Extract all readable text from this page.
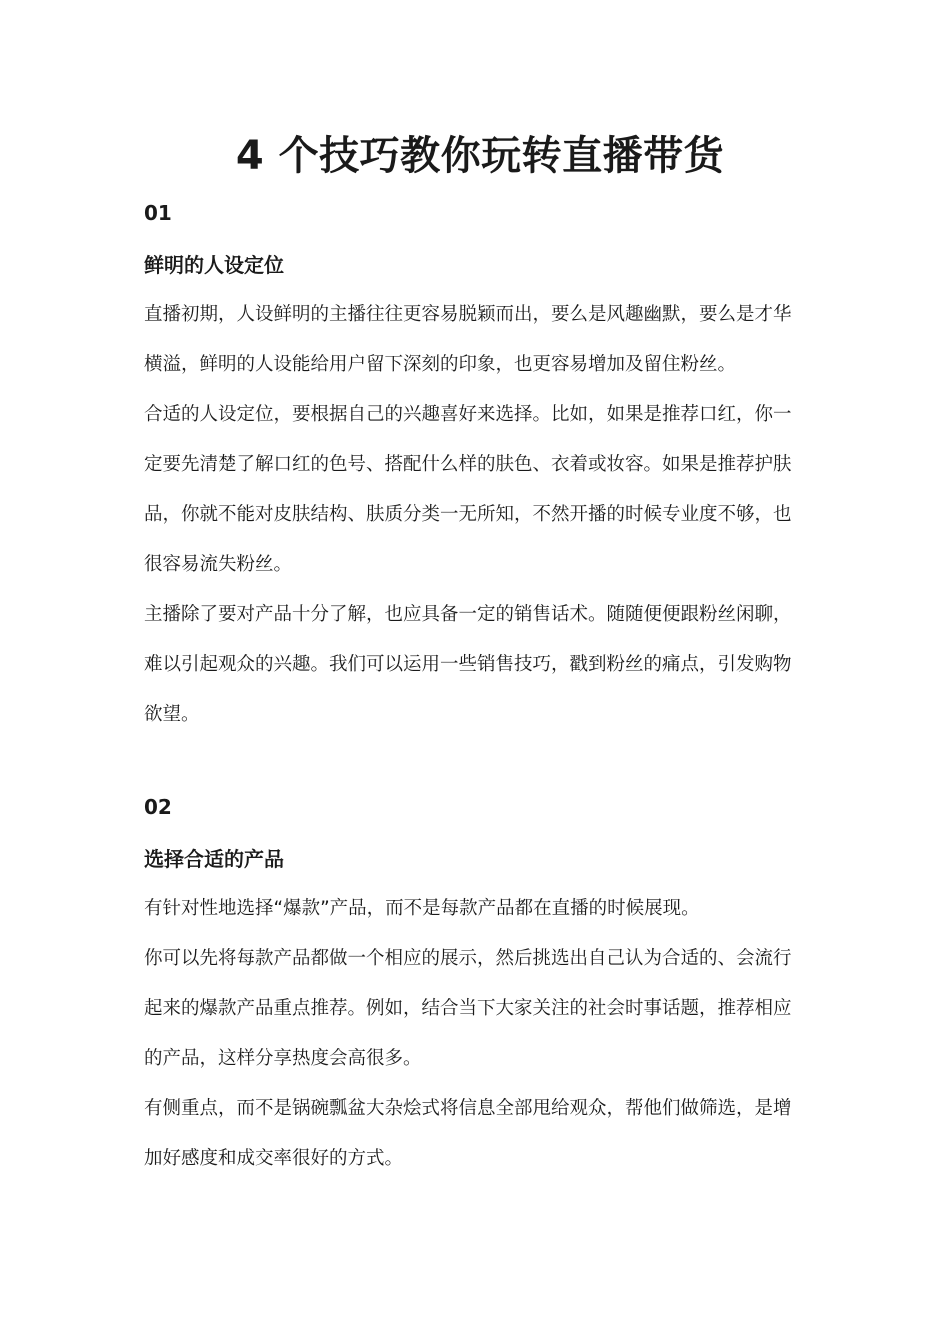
4 个技巧教你玩转直播带货

01

鲜明的人设定位

直播初期，人设鲜明的主播往往更容易脱颖而出，要么是风趣幽默，要么是才华横溢，鲜明的人设能给用户留下深刻的印象，也更容易增加及留住粉丝。

合适的人设定位，要根据自己的兴趣喜好来选择。比如，如果是推荐口红，你一定要先清楚了解口红的色号、搭配什么样的肤色、衣着或妆容。如果是推荐护肤品，你就不能对皮肤结构、肤质分类一无所知，不然开播的时候专业度不够，也很容易流失粉丝。

主播除了要对产品十分了解，也应具备一定的销售话术。随随便便跟粉丝闲聊，难以引起观众的兴趣。我们可以运用一些销售技巧，戳到粉丝的痛点，引发购物欲望。

02

选择合适的产品

有针对性地选择“爆款”产品，而不是每款产品都在直播的时候展现。

你可以先将每款产品都做一个相应的展示，然后挑选出自己认为合适的、会流行起来的爆款产品重点推荐。例如，结合当下大家关注的社会时事话题，推荐相应的产品，这样分享热度会高很多。

有侧重点，而不是锅碗瓢盆大杂烩式将信息全部甩给观众，帮他们做筛选，是增加好感度和成交率很好的方式。
